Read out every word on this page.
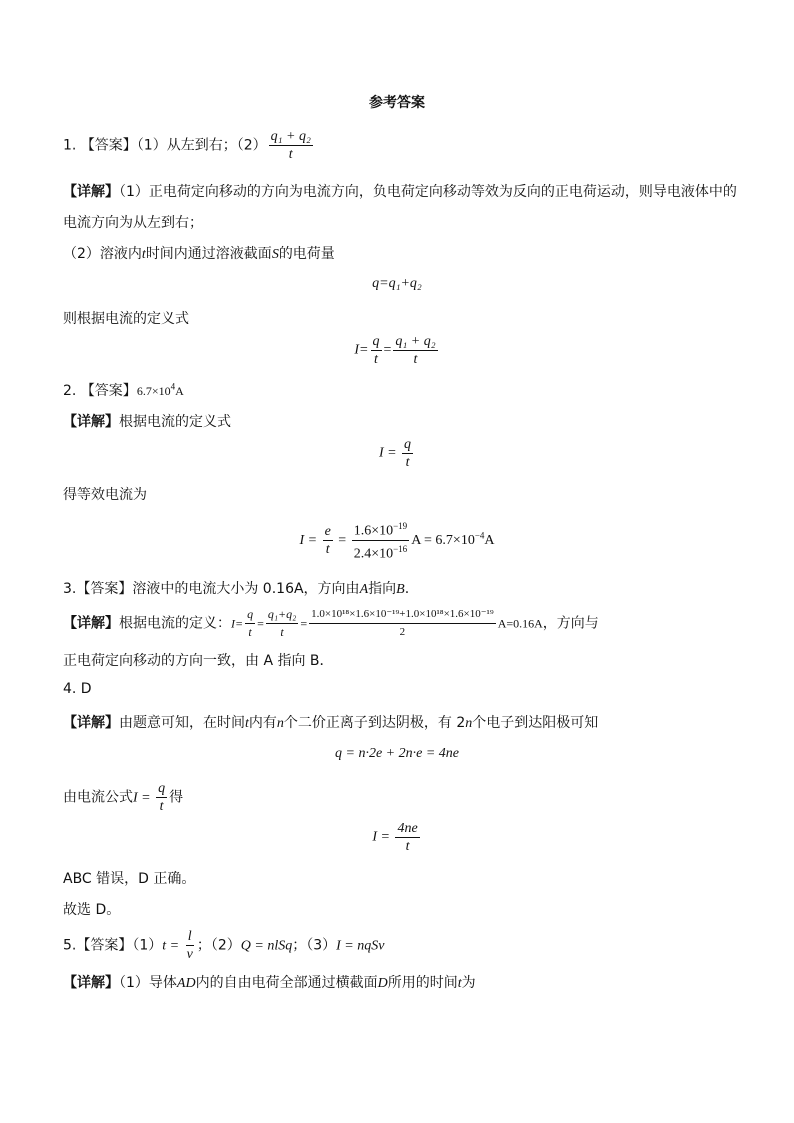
参考答案
1. 【答案】（1）从左到右；$(2) \frac{\text{q₁ + q₂}}{t}$
【详解】（1）正电荷定向移动的方向为电流方向，负电荷定向移动等效为反向的正电荷运动，则导电液体中的
电流方向为从左到右；
（2）溶液内t时间内通过溶液截面S的电荷量
q=q₁+q₂
则根据电流的定义式
$I= \frac{q}{t} = \frac{\text{q₁ + q₂}}{t}$
2. 【答案】$6.7\times 10^4A$
【详解】根据电流的定义式
$I = \frac{q}{t}$
得等效电流为
$I = \frac{e}{t} = \frac{1.6\times 10^{-19}}{2.4\times 10^{-16}}$ $A = 6.7\times 10^{-4}A$
3.【答案】溶液中的电流大小为 0.16A，方向由A指向B.
【详解】根据电流的定义：$I= \frac{q}{t} = \frac{\text{q₁+q₂}}{t} = \frac{\text{1.0×10¹⁸×1.6×10⁻¹⁹+1.0×10¹⁸×1.6×10⁻¹⁹}}{2} A=0.16A$，方向与
正电荷定向移动的方向一致，由 A 指向 B．
4. D
【详解】由题意可知，在时间t内有n个二价正离子到达阴极，有 2n个电子到达阳极可知
q = n·2e + 2n·e = 4ne
由电流公式$I = \frac{q}{t}$ 得
$I = \frac{4ne}{t}$
ABC 错误，D 正确。
故选 D。
5.【答案】$(1)t = \frac{l}{v}$ ；（2）Q = nlSq；（3）I = nqSv
【详解】（1）导体AD内的自由电荷全部通过横截面D所用的时间t为
